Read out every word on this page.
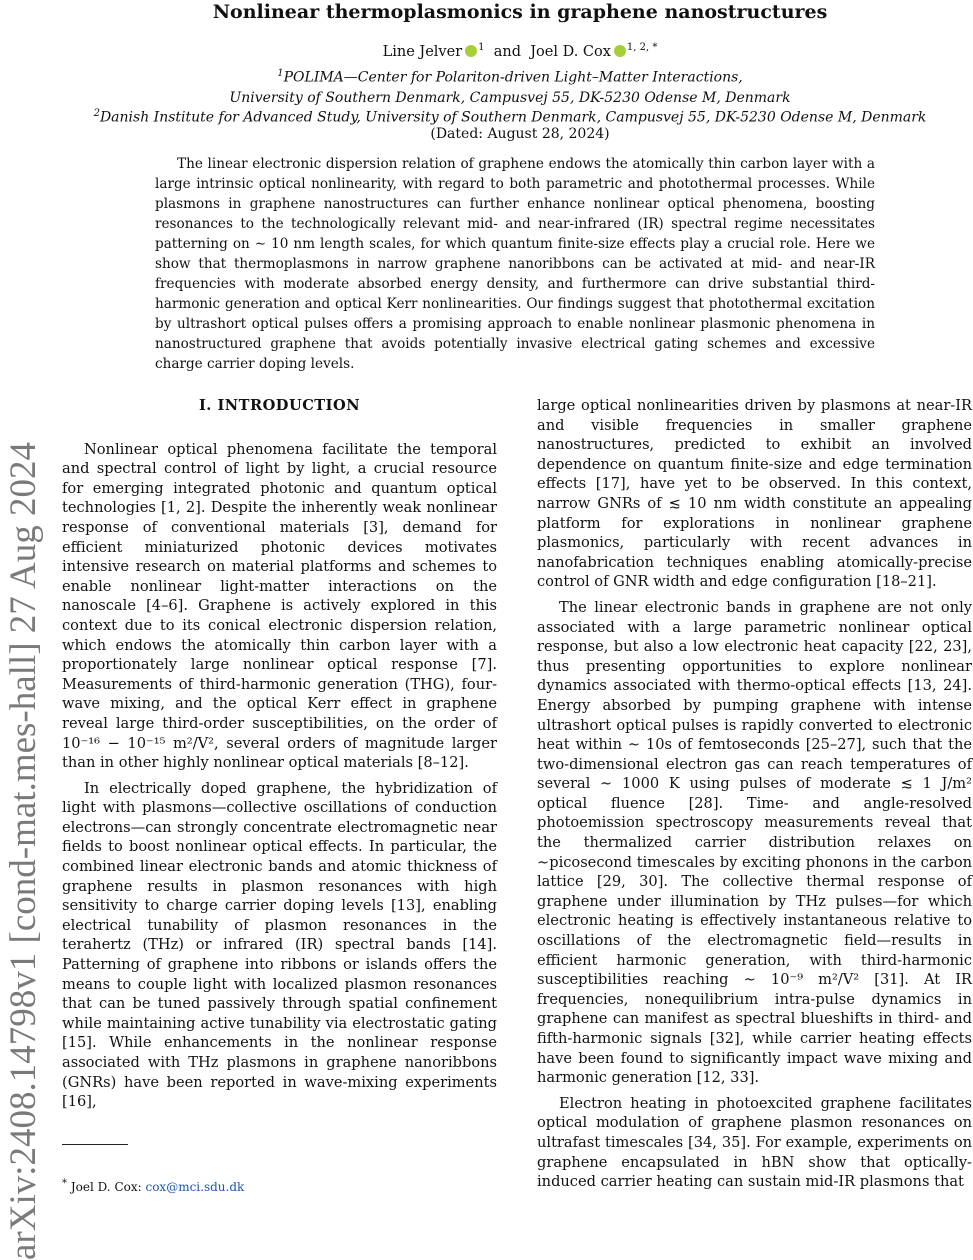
arXiv:2408.14798v1 [cond-mat.mes-hall] 27 Aug 2024
Nonlinear thermoplasmonics in graphene nanostructures
Line Jelver $^1$ and Joel D. Cox $^{1, 2, *}$
$^1$POLIMA—Center for Polariton-driven Light–Matter Interactions,
University of Southern Denmark, Campusvej 55, DK-5230 Odense M, Denmark
$^2$Danish Institute for Advanced Study, University of Southern Denmark, Campusvej 55, DK-5230 Odense M, Denmark
(Dated: August 28, 2024)

The linear electronic dispersion relation of graphene endows the atomically thin carbon layer with a large intrinsic optical nonlinearity, with regard to both parametric and photothermal processes. While plasmons in graphene nanostructures can further enhance nonlinear optical phenomena, boosting resonances to the technologically relevant mid- and near-infrared (IR) spectral regime necessitates patterning on ∼ 10 nm length scales, for which quantum finite-size effects play a crucial role. Here we show that thermoplasmons in narrow graphene nanoribbons can be activated at mid- and near-IR frequencies with moderate absorbed energy density, and furthermore can drive substantial third-harmonic generation and optical Kerr nonlinearities. Our findings suggest that photothermal excitation by ultrashort optical pulses offers a promising approach to enable nonlinear plasmonic phenomena in nanostructured graphene that avoids potentially invasive electrical gating schemes and excessive charge carrier doping levels.

I. INTRODUCTION

Nonlinear optical phenomena facilitate the temporal and spectral control of light by light, a crucial resource for emerging integrated photonic and quantum optical technologies [1, 2]. Despite the inherently weak nonlinear response of conventional materials [3], demand for efficient miniaturized photonic devices motivates intensive research on material platforms and schemes to enable nonlinear light-matter interactions on the nanoscale [4–6]. Graphene is actively explored in this context due to its conical electronic dispersion relation, which endows the atomically thin carbon layer with a proportionately large nonlinear optical response [7]. Measurements of third-harmonic generation (THG), four-wave mixing, and the optical Kerr effect in graphene reveal large third-order susceptibilities, on the order of 10⁻¹⁶ − 10⁻¹⁵ m²/V², several orders of magnitude larger than in other highly nonlinear optical materials [8–12].

In electrically doped graphene, the hybridization of light with plasmons—collective oscillations of conduction electrons—can strongly concentrate electromagnetic near fields to boost nonlinear optical effects. In particular, the combined linear electronic bands and atomic thickness of graphene results in plasmon resonances with high sensitivity to charge carrier doping levels [13], enabling electrical tunability of plasmon resonances in the terahertz (THz) or infrared (IR) spectral bands [14]. Patterning of graphene into ribbons or islands offers the means to couple light with localized plasmon resonances that can be tuned passively through spatial confinement while maintaining active tunability via electrostatic gating [15]. While enhancements in the nonlinear response associated with THz plasmons in graphene nanoribbons (GNRs) have been reported in wave-mixing experiments [16],

large optical nonlinearities driven by plasmons at near-IR and visible frequencies in smaller graphene nanostructures, predicted to exhibit an involved dependence on quantum finite-size and edge termination effects [17], have yet to be observed. In this context, narrow GNRs of ≲ 10 nm width constitute an appealing platform for explorations in nonlinear graphene plasmonics, particularly with recent advances in nanofabrication techniques enabling atomically-precise control of GNR width and edge configuration [18–21].

The linear electronic bands in graphene are not only associated with a large parametric nonlinear optical response, but also a low electronic heat capacity [22, 23], thus presenting opportunities to explore nonlinear dynamics associated with thermo-optical effects [13, 24]. Energy absorbed by pumping graphene with intense ultrashort optical pulses is rapidly converted to electronic heat within ∼ 10s of femtoseconds [25–27], such that the two-dimensional electron gas can reach temperatures of several ∼ 1000 K using pulses of moderate ≲ 1 J/m² optical fluence [28]. Time- and angle-resolved photoemission spectroscopy measurements reveal that the thermalized carrier distribution relaxes on ∼picosecond timescales by exciting phonons in the carbon lattice [29, 30]. The collective thermal response of graphene under illumination by THz pulses—for which electronic heating is effectively instantaneous relative to oscillations of the electromagnetic field—results in efficient harmonic generation, with third-harmonic susceptibilities reaching ∼ 10⁻⁹ m²/V² [31]. At IR frequencies, nonequilibrium intra-pulse dynamics in graphene can manifest as spectral blueshifts in third- and fifth-harmonic signals [32], while carrier heating effects have been found to significantly impact wave mixing and harmonic generation [12, 33].

Electron heating in photoexcited graphene facilitates optical modulation of graphene plasmon resonances on ultrafast timescales [34, 35]. For example, experiments on graphene encapsulated in hBN show that optically-induced carrier heating can sustain mid-IR plasmons that

* Joel D. Cox: cox@mci.sdu.dk
